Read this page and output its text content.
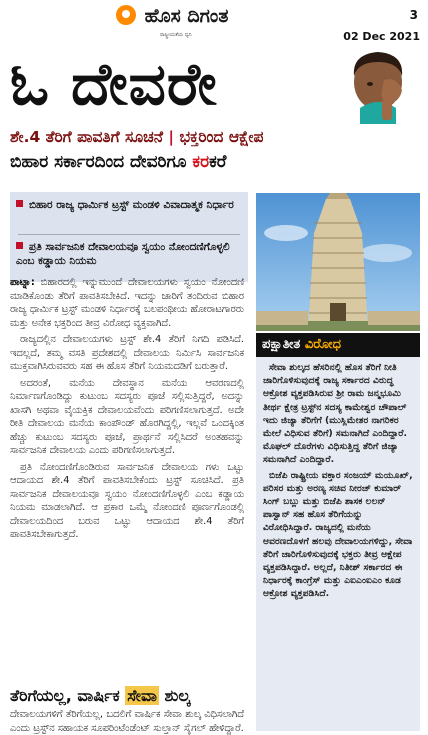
ಹೊಸ ದಿಗಂತ
ರಾಷ್ಟ್ರೀಯತೆಯ ಧ್ವನಿ
3
02 Dec 2021
ಓ ದೇವರೇ
ಶೇ.4 ತೆರಿಗೆ ಪಾವತಿಗೆ ಸೂಚನೆ | ಭಕ್ತರಿಂದ ಆಕ್ಷೇಪ
ಬಿಹಾರ ಸರ್ಕಾರದಿಂದ ದೇವರಿಗೂ ಕರಕರೆ
ಬಿಹಾರ ರಾಜ್ಯ ಧಾರ್ಮಿಕ ಟ್ರಸ್ಟ್ ಮಂಡಳಿ ವಿವಾದಾತ್ಮಕ ನಿರ್ಧಾರ
ಪ್ರತಿ ಸಾರ್ವಜನಿಕ ದೇವಾಲಯವೂ ಸ್ವಯಂ ನೋಂದಣಿಗೊಳ್ಳಲಿ ಎಂಬ ಕಡ್ಡಾಯ ನಿಯಮ

ಪಾಟ್ನಾ: ಬಿಹಾರದಲ್ಲಿ ಇನ್ನುಮುಂದೆ ದೇವಾಲಯಗಳು ಸ್ವಯಂ ನೋಂದಣಿ ಮಾಡಿಕೊಂಡು ತೆರಿಗೆ ಪಾವತಿಸಬೇಕಿದೆ. ಇದನ್ನು ಜಾರಿಗೆ ತಂದಿರುವ ಬಿಹಾರ ರಾಜ್ಯ ಧಾರ್ಮಿಕ ಟ್ರಸ್ಟ್ ಮಂಡಳಿ ನಿರ್ಧಾರಕ್ಕೆ ಬಲಪಂಥೀಯ ಹೋರಾಟಗಾರರು ಮತ್ತು ಅನೇಕ ಭಕ್ತರಿಂದ ತೀವ್ರ ವಿರೋಧ ವ್ಯಕ್ತವಾಗಿದೆ.

ರಾಜ್ಯದಲ್ಲಿನ ದೇವಾಲಯಗಳು ಟ್ರಸ್ಟ್ ಶೇ.4 ತೆರಿಗೆ ನಿಗದಿ ಪಡಿಸಿದೆ. ಇದಲ್ಲದೆ, ತಮ್ಮ ವಸತಿ ಪ್ರದೇಶದಲ್ಲಿ ದೇವಾಲಯ ನಿರ್ಮಿಸಿ ಸಾರ್ವಜನಿಕ ಮುಕ್ತವಾಗಿಸಿರುವವರು ಸಹ ಈ ಹೊಸ ತೆರಿಗೆ ನಿಯಮದಡಿಗೆ ಬರುತ್ತಾರೆ.

ಅದರಂತೆ, ಮನೆಯ ದೇವಸ್ಥಾನ ಮನೆಯ ಆವರಣದಲ್ಲಿ ನಿರ್ಮಾಣಗೊಂಡಿದ್ದು ಕುಟುಂಬ ಸದಸ್ಯರು ಪೂಜೆ ಸಲ್ಲಿಸುತ್ತಿದ್ದರೆ, ಅದನ್ನು ಖಾಸಗಿ ಅಥವಾ ವೈಯಕ್ತಿಕ ದೇವಾಲಯವೆಂದು ಪರಿಗಣಿಸಲಾಗುತ್ತದೆ. ಅದೇ ರೀತಿ ದೇವಾಲಯ ಮನೆಯ ಕಾಂಪೌಂಡ್ ಹೊರಗಿದ್ದಲ್ಲಿ, ಇಲ್ಲವೆ ಒಂದಕ್ಕಿಂತ ಹೆಚ್ಚು ಕುಟುಂಬ ಸದಸ್ಯರು ಪೂಜೆ, ಪ್ರಾರ್ಥನೆ ಸಲ್ಲಿಸಿದರೆ ಅಂತಹವನ್ನು ಸಾರ್ವಜನಿಕ ದೇವಾಲಯ ಎಂದು ಪರಿಗಣಿಸಲಾಗುತ್ತದೆ.

ಪ್ರತಿ ನೋಂದಣಿಗೊಂಡಿರುವ ಸಾರ್ವಜನಿಕ ದೇವಾಲಯ ಗಳು ಒಟ್ಟು ಆದಾಯದ ಶೇ.4 ತೆರಿಗೆ ಪಾವತಿಸಬೇಕೆಂದು ಟ್ರಸ್ಟ್ ಸೂಚಿಸಿದೆ. ಪ್ರತಿ ಸಾರ್ವಜನಿಕ ದೇವಾಲಯವೂ ಸ್ವಯಂ ನೋಂದಣಿಗೊಳ್ಳಲಿ ಎಂಬ ಕಡ್ಡಾಯ ನಿಯಮ ಮಾಡಲಾಗಿದೆ. ಆ ಪ್ರಕಾರ ಒಮ್ಮೆ ನೋಂದಣಿ ಪೂರ್ಣಗೊಂಡಲ್ಲಿ ದೇವಾಲಯದಿಂದ ಬರುವ ಒಟ್ಟು ಆದಾಯದ ಶೇ.4 ತೆರಿಗೆ ಪಾವತಿಸಬೇಕಾಗುತ್ತದೆ.

ತೆರಿಗೆಯಲ್ಲ, ವಾರ್ಷಿಕ ಸೇವಾ ಶುಲ್ಕ
ದೇವಾಲಯಗಳಿಗೆ ತೆರಿಗೆಯಲ್ಲ, ಬದಲಿಗೆ ವಾರ್ಷಿಕ ಸೇವಾ ಶುಲ್ಕ ವಿಧಿಸಲಾಗಿದೆ ಎಂದು ಟ್ರಸ್ಟ್‌ನ ಸಹಾಯಕ ಸೂಪರಿಂಟೆಂಡೆಂಟ್ ಸುಲ್ತಾನ್ ಸೈಗಲ್ ಹೇಳಿದ್ದಾರೆ.
ಪಕ್ಷಾತೀತ ವಿರೋಧ

ಸೇವಾ ಶುಲ್ಕದ ಹೆಸರಿನಲ್ಲಿ ಹೊಸ ತೆರಿಗೆ ನೀತಿ ಜಾರಿಗೊಳಿಸುವುದಕ್ಕೆ ರಾಜ್ಯ ಸರ್ಕಾರದ ವಿರುದ್ಧ ಆಕ್ರೋಶ ವ್ಯಕ್ತಪಡಿಸಿರುವ ಶ್ರೀ ರಾಮ ಜನ್ಮಭೂಮಿ ತೀರ್ಥ ಕ್ಷೇತ್ರ ಟ್ರಸ್ಟ್‌ನ ಸದಸ್ಯ ಕಾಮೇಶ್ವರ ಚೌಪಾಲ್ ಇದು ಜಿಜ್ಯಾ ತೆರಿಗೆಗೆ (ಮುಸ್ಲಿಮೇತರ ನಾಗರಿಕರ ಮೇಲೆ ವಿಧಿಸುವ ತೆರಿಗೆ) ಸಮನಾಗಿದೆ ಎಂದಿದ್ದಾರೆ. ಮೊಘಲ್ ದೊರೆಗಳು ವಿಧಿಸುತ್ತಿದ್ದ ತೆರಿಗೆ ಜಿಜ್ಯಾ ಸಮನಾಗಿದೆ ಎಂದಿದ್ದಾರೆ.

ಬಿಜೆಪಿ ರಾಷ್ಟ್ರೀಯ ವಕ್ತಾರ ಸಂಜಯ್ ಮಯೂಖ್, ಪರಿಸರ ಮತ್ತು ಅರಣ್ಯ ಸಚಿವ ನೀರಜ್ ಕುಮಾರ್ ಸಿಂಗ್ ಬಬ್ಲು ಮತ್ತು ಬಿಜೆಪಿ ಶಾಸಕ ಲಲನ್ ಪಾಸ್ವಾನ್ ಸಹ ಹೊಸ ತೆರಿಗೆಯನ್ನು ವಿರೋಧಿಸಿದ್ದಾರೆ. ರಾಜ್ಯದಲ್ಲಿ ಮನೆಯ ಆವರಣದೊಳಗೆ ಹಲವು ದೇವಾಲಯಗಳಿದ್ದು, ಸೇವಾ ತೆರಿಗೆ ಜಾರಿಗೊಳಿಸುವುದಕ್ಕೆ ಭಕ್ತರು ತೀವ್ರ ಆಕ್ಷೇಪ ವ್ಯಕ್ತಪಡಿಸಿದ್ದಾರೆ. ಅಲ್ಲದೆ, ನಿತೀಶ್ ಸರ್ಕಾರದ ಈ ನಿರ್ಧಾರಕ್ಕೆ ಕಾಂಗ್ರೆಸ್ ಮತ್ತು ಎಐಎಂಐಎಂ ಕೂಡ ಆಕ್ರೋಶ ವ್ಯಕ್ತಪಡಿಸಿದೆ.
